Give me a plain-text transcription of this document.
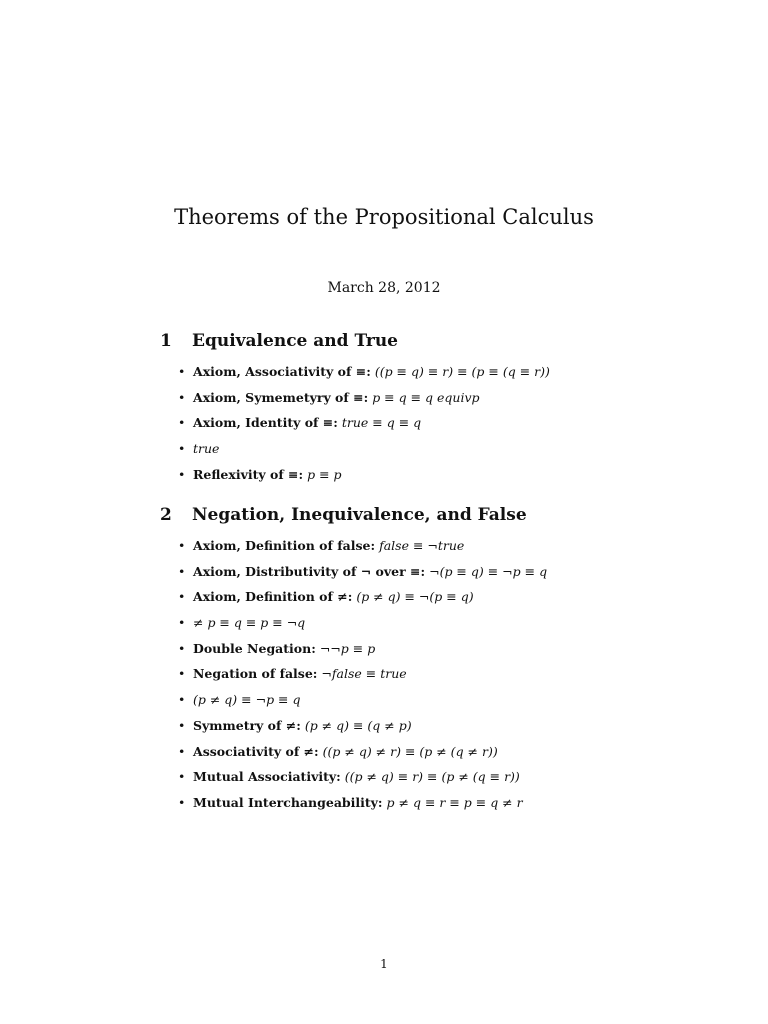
Theorems of the Propositional Calculus
March 28, 2012
1	Equivalence and True
• Axiom, Associativity of ≡: ((p ≡ q) ≡ r) ≡ (p ≡ (q ≡ r))
• Axiom, Symemetyry of ≡: p ≡ q ≡ q equivp
• Axiom, Identity of ≡: true ≡ q ≡ q
• true
• Reflexivity of ≡: p ≡ p
2	Negation, Inequivalence, and False
• Axiom, Definition of false: false ≡ ¬true
• Axiom, Distributivity of ¬ over ≡: ¬(p ≡ q) ≡ ¬p ≡ q
• Axiom, Definition of ≠: (p ≠ q) ≡ ¬(p ≡ q)
• ≠ p ≡ q ≡ p ≡ ¬q
• Double Negation: ¬¬p ≡ p
• Negation of false: ¬false ≡ true
• (p ≠ q) ≡ ¬p ≡ q
• Symmetry of ≠: (p ≠ q) ≡ (q ≠ p)
• Associativity of ≠: ((p ≠ q) ≠ r) ≡ (p ≠ (q ≠ r))
• Mutual Associativity: ((p ≠ q) ≡ r) ≡ (p ≠ (q ≡ r))
• Mutual Interchangeability: p ≠ q ≡ r ≡ p ≡ q ≠ r
1
